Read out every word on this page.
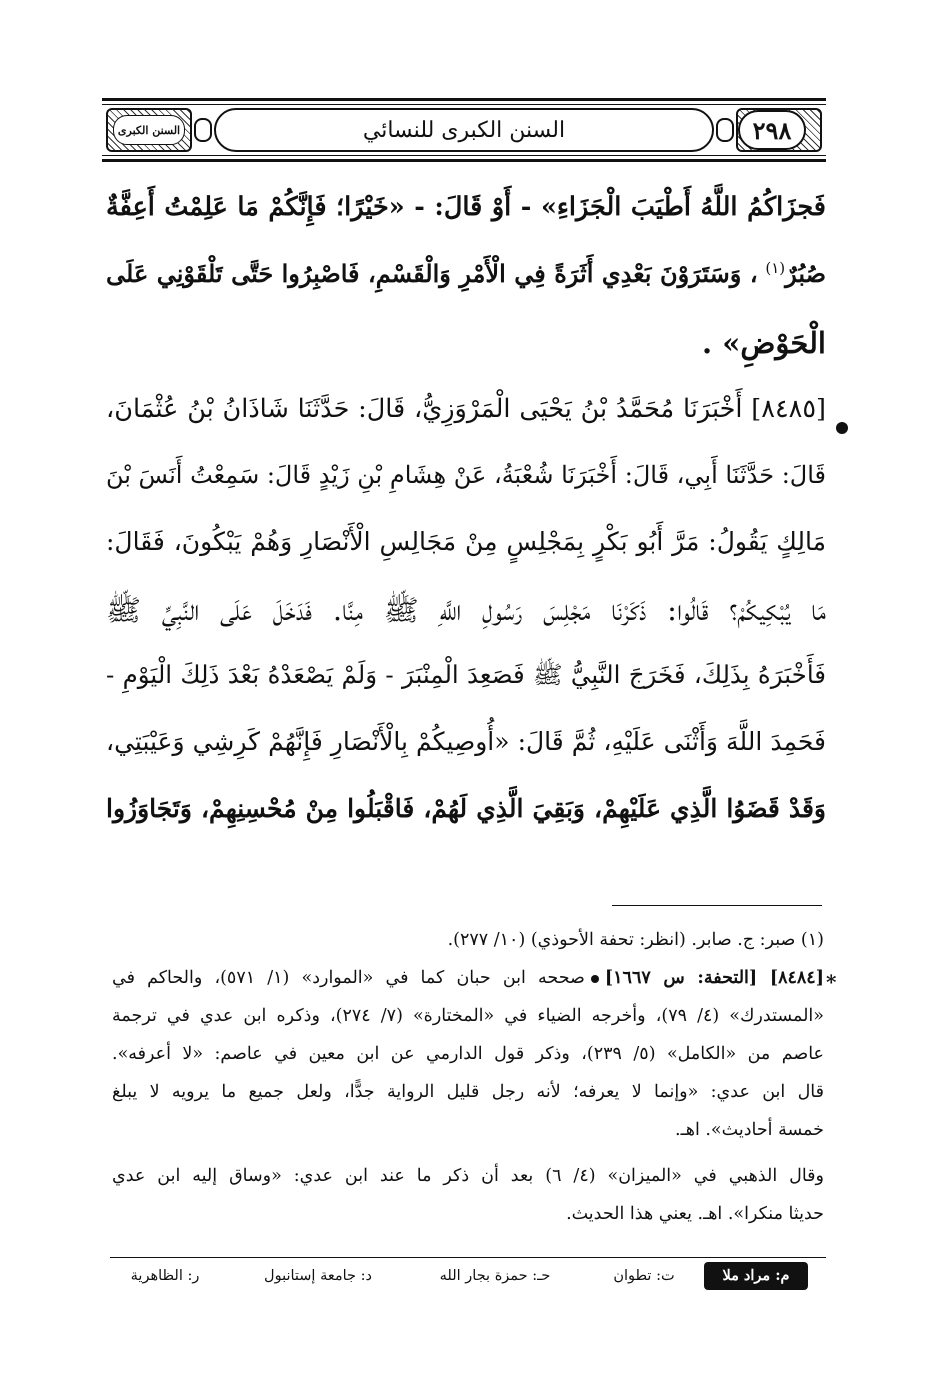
السنن الكبرى	السنن الكبرى للنسائي	٢٩٨
فَجزَاكُمُ اللَّهُ أَطْيَبَ الْجَزَاءِ» - أَوْ قَالَ: - «خَيْرًا؛ فَإِنَّكُمْ مَا عَلِمْتُ أَعِفَّةٌ
صُبُرٌ$^{(١)}$ ، وَسَتَرَوْنَ بَعْدِي أَثَرَةً فِي الْأَمْرِ وَالْقَسْمِ، فَاصْبِرُوا حَتَّى تَلْقَوْنِي عَلَى
الْحَوْضِ» .
[٨٤٨٥] أَخْبَرَنَا مُحَمَّدُ بْنُ يَحْيَى الْمَرْوَزِيُّ، قَالَ: حَدَّثَنَا شَاذَانُ بْنُ عُثْمَانَ،
قَالَ: حَدَّثَنَا أَبِي، قَالَ: أَخْبَرَنَا شُعْبَةُ، عَنْ هِشَامِ بْنِ زَيْدٍ قَالَ: سَمِعْتُ أَنَسَ بْنَ
مَالِكٍ يَقُولُ: مَرَّ أَبُو بَكْرٍ بِمَجْلِسٍ مِنْ مَجَالِسِ الْأَنْصَارِ وَهُمْ يَبْكُونَ، فَقَالَ:
مَا يُبْكِيكُمْ؟ قَالُوا: ذَكَرْنَا مَجْلِسَ رَسُولِ اللَّهِ ﷺ مِنَّا. فَدَخَلَ عَلَى النَّبِيِّ ﷺ
فَأَخْبَرَهُ بِذَلِكَ، فَخَرَجَ النَّبِيُّ ﷺ فَصَعِدَ الْمِنْبَرَ - وَلَمْ يَصْعَدْهُ بَعْدَ ذَلِكَ الْيَوْمِ -
فَحَمِدَ اللَّهَ وَأَثْنَى عَلَيْهِ، ثُمَّ قَالَ: «أُوصِيكُمْ بِالْأَنْصَارِ فَإِنَّهُمْ كَرِشِي وَعَيْبَتِي،
وَقَدْ قَضَوُا الَّذِي عَلَيْهِمْ، وَبَقِيَ الَّذِي لَهُمْ، فَاقْبَلُوا مِنْ مُحْسِنِهِمْ، وَتَجَاوَزُوا
(١) صبر: ج. صابر. (انظر: تحفة الأحوذي) (١٠/ ٢٧٧).
*
[٨٤٨٤] [التحفة: س ١٦٦٧]صححه ابن حبان كما في «الموارد» (١/ ٥٧١)، والحاكم في
«المستدرك» (٤/ ٧٩)، وأخرجه الضياء في «المختارة» (٧/ ٢٧٤)، وذكره ابن عدي في ترجمة
عاصم من «الكامل» (٥/ ٢٣٩)، وذكر قول الدارمي عن ابن معين في عاصم: «لا أعرفه».
قال ابن عدي: «وإنما لا يعرفه؛ لأنه رجل قليل الرواية جدًّا، ولعل جميع ما يرويه لا يبلغ
خمسة أحاديث». اهـ.
وقال الذهبي في «الميزان» (٤/ ٦) بعد أن ذكر ما عند ابن عدي: «وساق إليه ابن عدي
حديثا منكرا». اهـ. يعني هذا الحديث.
م: مراد ملا
ت: تطوان
حـ: حمزة بجار الله
د: جامعة إستانبول
ر: الظاهرية
